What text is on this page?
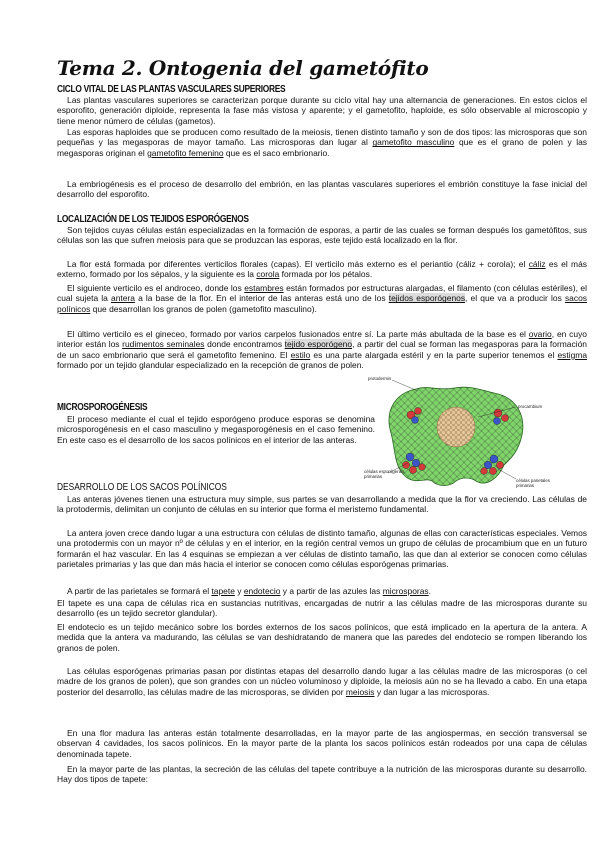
Tema 2. Ontogenia del gametófito
CICLO VITAL DE LAS PLANTAS VASCULARES SUPERIORES
Las plantas vasculares superiores se caracterizan porque durante su ciclo vital hay una alternancia de generaciones. En estos ciclos el esporofito, generación diploide, representa la fase más vistosa y aparente; y el gametofito, haploide, es sólo observable al microscopio y tiene menor número de células (gametos).
Las esporas haploides que se producen como resultado de la meiosis, tienen distinto tamaño y son de dos tipos: las microsporas que son pequeñas y las megasporas de mayor tamaño. Las microsporas dan lugar al gametofito masculino que es el grano de polen y las megasporas originan el gametofito femenino que es el saco embrionario.
La embriogénesis es el proceso de desarrollo del embrión, en las plantas vasculares superiores el embrión constituye la fase inicial del desarrollo del esporofito.
LOCALIZACIÓN DE LOS TEJIDOS ESPORÓGENOS
Son tejidos cuyas células están especializadas en la formación de esporas, a partir de las cuales se forman después los gametófitos, sus células son las que sufren meiosis para que se produzcan las esporas, este tejido está localizado en la flor.
La flor está formada por diferentes verticilos florales (capas). El verticilo más externo es el periantio (cáliz + corola); el cáliz es el más externo, formado por los sépalos, y la siguiente es la corola formada por los pétalos.
El siguiente verticilo es el androceo, donde los estambres están formados por estructuras alargadas, el filamento (con células estériles), el cual sujeta la antera a la base de la flor. En el interior de las anteras está uno de los tejidos esporógenos, el que va a producir los sacos polínicos que desarrollan los granos de polen (gametofito masculino).
El último verticilo es el gineceo, formado por varios carpelos fusionados entre sí. La parte más abultada de la base es el ovario, en cuyo interior están los rudimentos seminales donde encontramos tejido esporógeno, a partir del cual se forman las megasporas para la formación de un saco embrionario que será el gametofito femenino. El estilo es una parte alargada estéril y en la parte superior tenemos el estigma formado por un tejido glandular especializado en la recepción de granos de polen.
MICROSPOROGÉNESIS
El proceso mediante el cual el tejido esporógeno produce esporas se denomina microsporogénesis en el caso masculino y megasporogénesis en el caso femenino. En este caso es el desarrollo de los sacos polínicos en el interior de las anteras.
DESARROLLO DE LOS SACOS POLÍNICOS
Las anteras jóvenes tienen una estructura muy simple, sus partes se van desarrollando a medida que la flor va creciendo. Las células de la protodermis, delimitan un conjunto de células en su interior que forma el meristemo fundamental.
La antera joven crece dando lugar a una estructura con células de distinto tamaño, algunas de ellas con características especiales. Vemos una protodermis con un mayor nº de células y en el interior, en la región central vemos un grupo de células de procambium que en un futuro formarán el haz vascular. En las 4 esquinas se empiezan a ver células de distinto tamaño, las que dan al exterior se conocen como células parietales primarias y las que dan más hacia el interior se conocen como células esporógenas primarias.
A partir de las parietales se formará el tapete y endotecio y a partir de las azules las microsporas.
El tapete es una capa de células rica en sustancias nutritivas, encargadas de nutrir a las células madre de las microsporas durante su desarrollo (es un tejido secretor glandular).
El endotecio es un tejido mecánico sobre los bordes externos de los sacos polínicos, que está implicado en la apertura de la antera. A medida que la antera va madurando, las células se van deshidratando de manera que las paredes del endotecio se rompen liberando los granos de polen.
Las células esporógenas primarias pasan por distintas etapas del desarrollo dando lugar a las células madre de las microsporas (o cel madre de los granos de polen), que son grandes con un núcleo voluminoso y diploide, la meiosis aún no se ha llevado a cabo. En una etapa posterior del desarrollo, las células madre de las microsporas, se dividen por meiosis y dan lugar a las microsporas.
En una flor madura las anteras están totalmente desarrolladas, en la mayor parte de las angiospermas, en sección transversal se observan 4 cavidades, los sacos polínicos. En la mayor parte de la planta los sacos polínicos están rodeados por una capa de células denominada tapete.
En la mayor parte de las plantas, la secreción de las células del tapete contribuye a la nutrición de las microsporas durante su desarrollo. Hay dos tipos de tapete:
protodermis
procambium
células esporógenas
primarias
células parietales
primarias
